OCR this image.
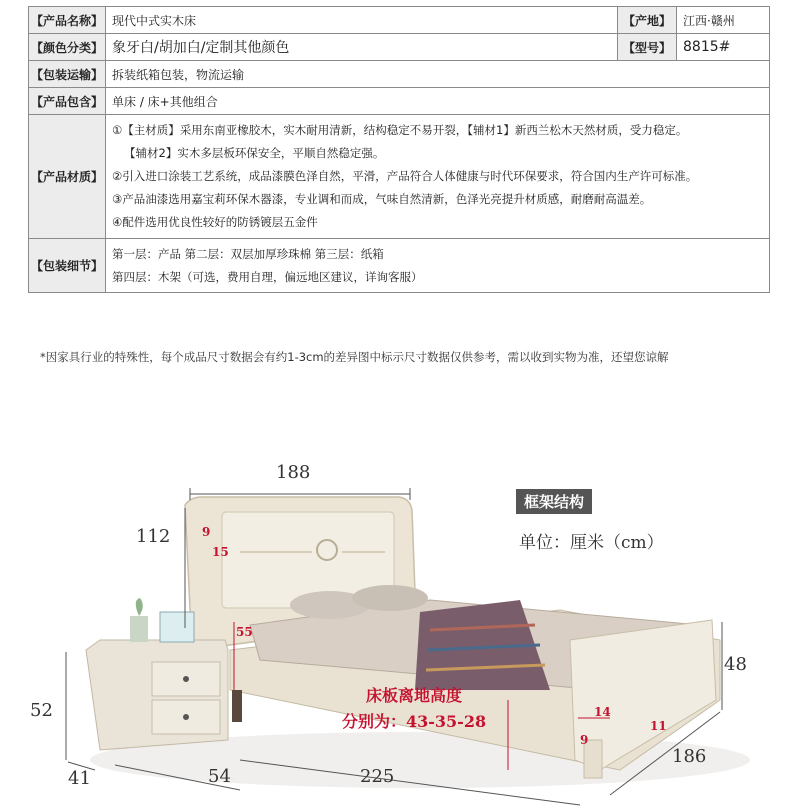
【产品名称】	现代中式实木床	【产地】	江西·赣州
【颜色分类】	象牙白/胡加白/定制其他颜色	【型号】	8815#
【包装运输】	拆装纸箱包装，物流运输		
【产品包含】	单床 / 床+其他组合		
【产品材质】	①【主材质】采用东南亚橡胶木，实木耐用清新，结构稳定不易开裂，【辅材1】新西兰松木天然材质，受力稳定。
【辅材2】实木多层板环保安全，平顺自然稳定强。
②引入进口涂装工艺系统，成品漆膜色泽自然，平滑，产品符合人体健康与时代环保要求，符合国内生产许可标准。
③产品油漆选用嘉宝莉环保木器漆，专业调和而成，气味自然清新，色泽光亮提升材质感，耐磨耐高温差。
④配件选用优良性较好的防锈镀层五金件		

【包装细节】	第一层：产品 第二层：双层加厚珍珠棉 第三层：纸箱
第四层：木架（可选，费用自理，偏远地区建议，详询客服）		
*因家具行业的特殊性，每个成品尺寸数据会有约1-3cm的差异图中标示尺寸数据仅供参考，需以收到实物为准，还望您谅解
框架结构
单位：厘米（cm）
188
112	9
15
55
48
52
41	54	225
186
14
9
11
床板离地高度
分别为：43-35-28
